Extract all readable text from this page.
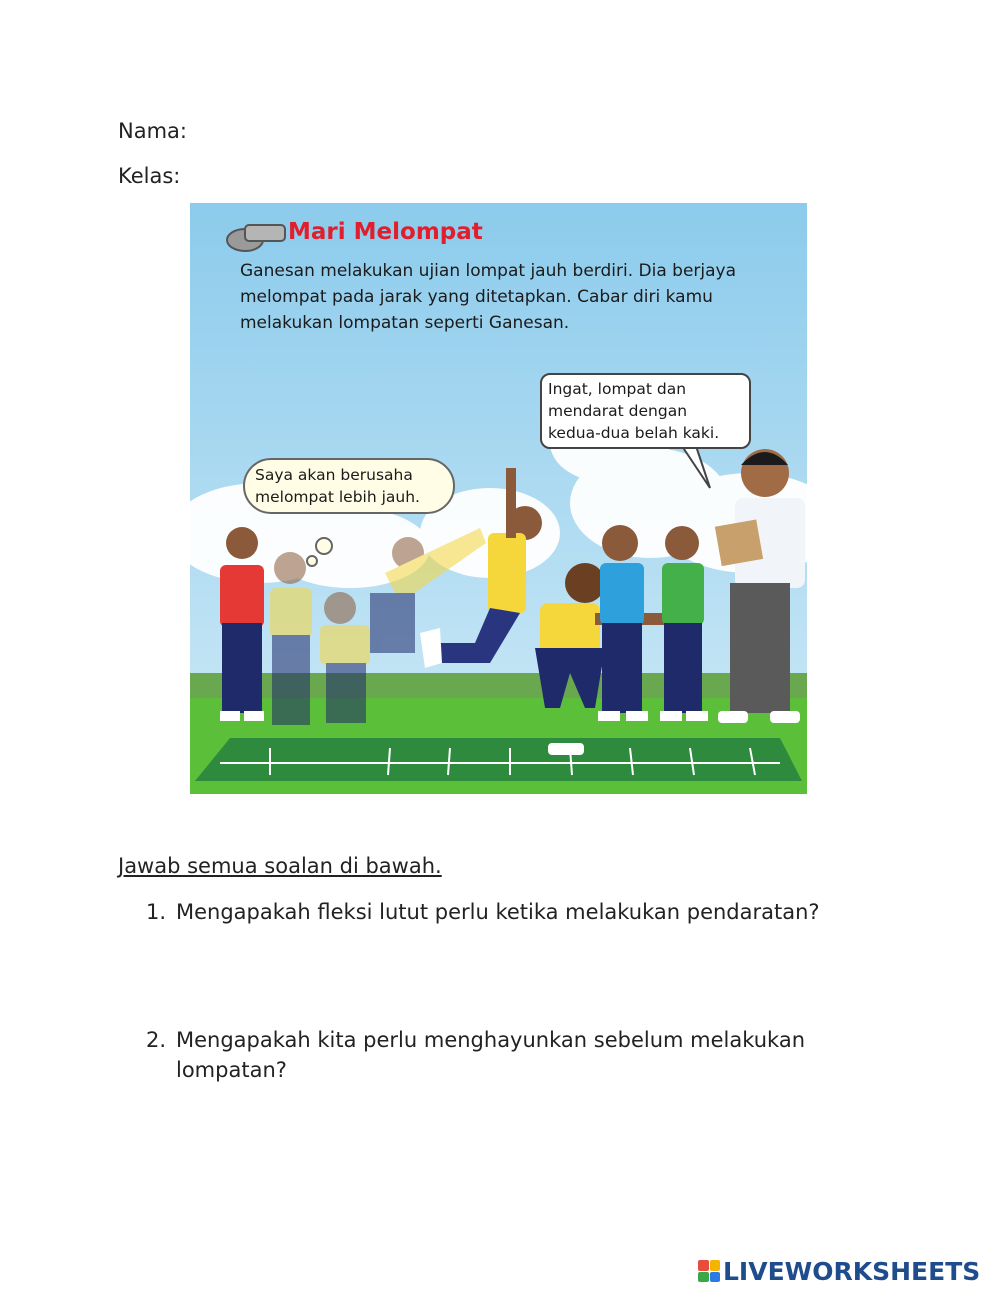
Nama:
Kelas:
Mari Melompat
Ganesan melakukan ujian lompat jauh berdiri. Dia berjaya melompat pada jarak yang ditetapkan. Cabar diri kamu melakukan lompatan seperti Ganesan.
Ingat, lompat dan mendarat dengan kedua-dua belah kaki.
Saya akan berusaha melompat lebih jauh.
Jawab semua soalan di bawah.
1. Mengapakah fleksi lutut perlu ketika melakukan pendaratan?
2. Mengapakah kita perlu menghayunkan sebelum melakukan lompatan?
LIVEWORKSHEETS
